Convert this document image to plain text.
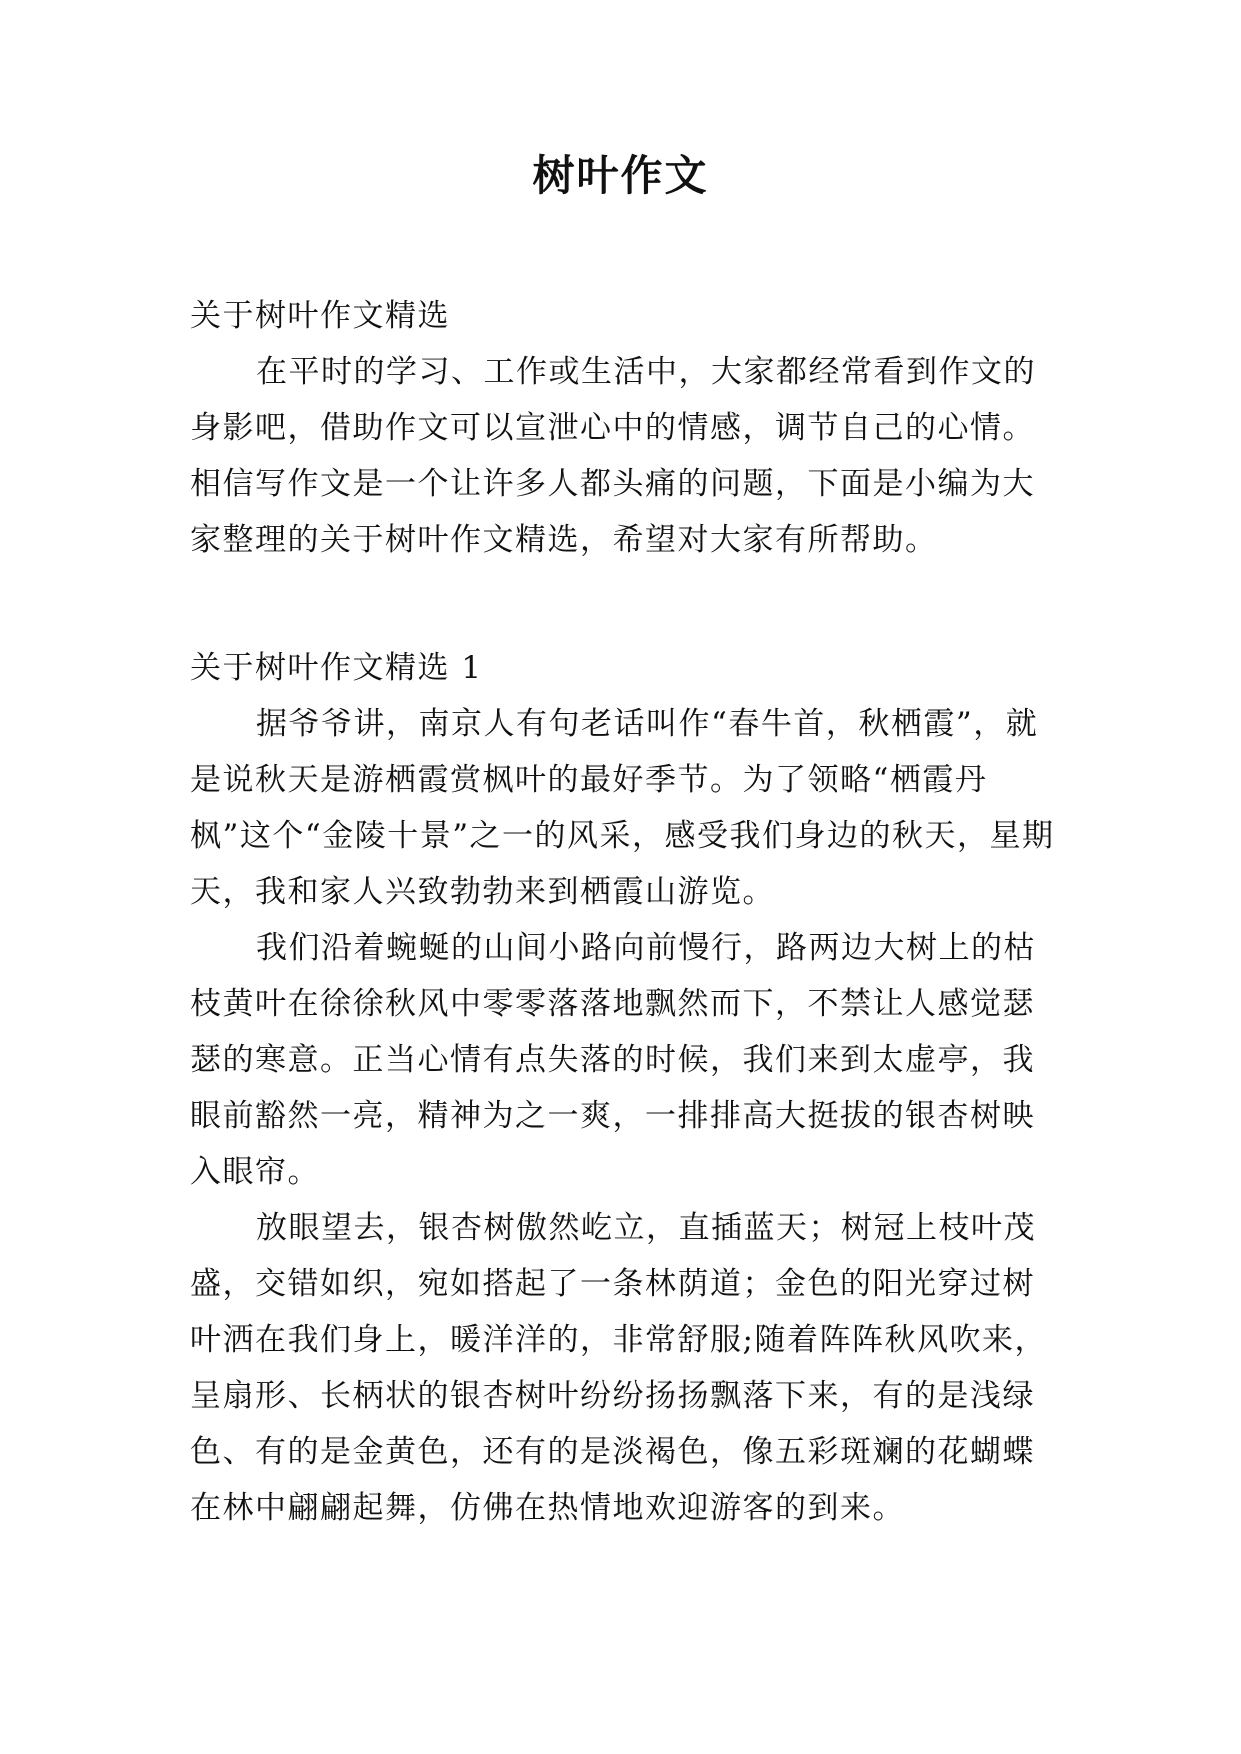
树叶作文

关于树叶作文精选

在平时的学习、工作或生活中，大家都经常看到作文的身影吧，借助作文可以宣泄心中的情感，调节自己的心情。相信写作文是一个让许多人都头痛的问题，下面是小编为大家整理的关于树叶作文精选，希望对大家有所帮助。

关于树叶作文精选 1

据爷爷讲，南京人有句老话叫作“春牛首，秋栖霞”，就是说秋天是游栖霞赏枫叶的最好季节。为了领略“栖霞丹枫”这个“金陵十景”之一的风采，感受我们身边的秋天，星期天，我和家人兴致勃勃来到栖霞山游览。

我们沿着蜿蜒的山间小路向前慢行，路两边大树上的枯枝黄叶在徐徐秋风中零零落落地飘然而下，不禁让人感觉瑟瑟的寒意。正当心情有点失落的时候，我们来到太虚亭，我眼前豁然一亮，精神为之一爽，一排排高大挺拔的银杏树映入眼帘。

放眼望去，银杏树傲然屹立，直插蓝天；树冠上枝叶茂盛，交错如织，宛如搭起了一条林荫道；金色的阳光穿过树叶洒在我们身上，暖洋洋的，非常舒服;随着阵阵秋风吹来，呈扇形、长柄状的银杏树叶纷纷扬扬飘落下来，有的是浅绿色、有的是金黄色，还有的是淡褐色，像五彩斑斓的花蝴蝶在林中翩翩起舞，仿佛在热情地欢迎游客的到来。
